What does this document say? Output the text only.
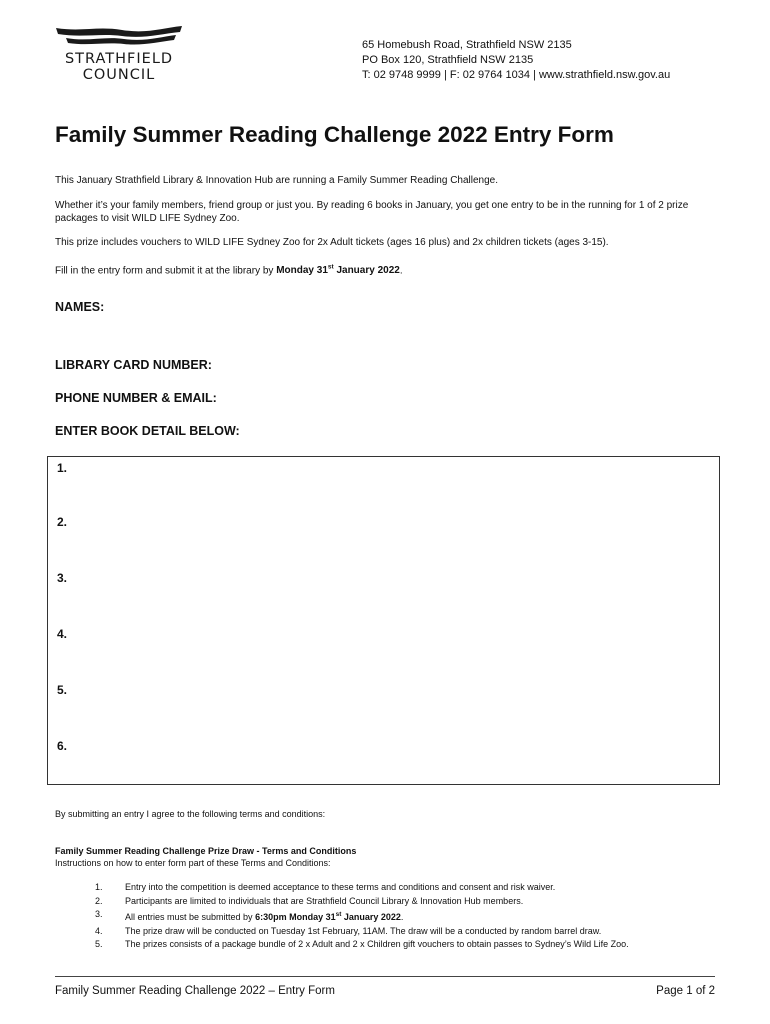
STRATHFIELD
COUNCIL
65 Homebush Road, Strathfield NSW 2135
PO Box 120, Strathfield NSW 2135
T: 02 9748 9999 | F: 02 9764 1034 | www.strathfield.nsw.gov.au
Family Summer Reading Challenge 2022 Entry Form
This January Strathfield Library & Innovation Hub are running a Family Summer Reading Challenge.
Whether it’s your family members, friend group or just you. By reading 6 books in January, you get one entry to be in the running for 1 of 2 prize packages to visit WILD LIFE Sydney Zoo.
This prize includes vouchers to WILD LIFE Sydney Zoo for 2x Adult tickets (ages 16 plus) and 2x children tickets (ages 3-15).
Fill in the entry form and submit it at the library by Monday 31st January 2022.
NAMES:
LIBRARY CARD NUMBER:
PHONE NUMBER & EMAIL:
ENTER BOOK DETAIL BELOW:
1.
2.
3.
4.
5.
6.
By submitting an entry I agree to the following terms and conditions:
Family Summer Reading Challenge Prize Draw - Terms and Conditions
Instructions on how to enter form part of these Terms and Conditions:
1.	Entry into the competition is deemed acceptance to these terms and conditions and consent and risk waiver.
2.	Participants are limited to individuals that are Strathfield Council Library & Innovation Hub members.
3.	All entries must be submitted by 6:30pm Monday 31st January 2022.
4.	The prize draw will be conducted on Tuesday 1st February, 11AM. The draw will be a conducted by random barrel draw.
5.	The prizes consists of a package bundle of 2 x Adult and 2 x Children gift vouchers to obtain passes to Sydney’s Wild Life Zoo.
Family Summer Reading Challenge 2022 – Entry Form	Page 1 of 2
